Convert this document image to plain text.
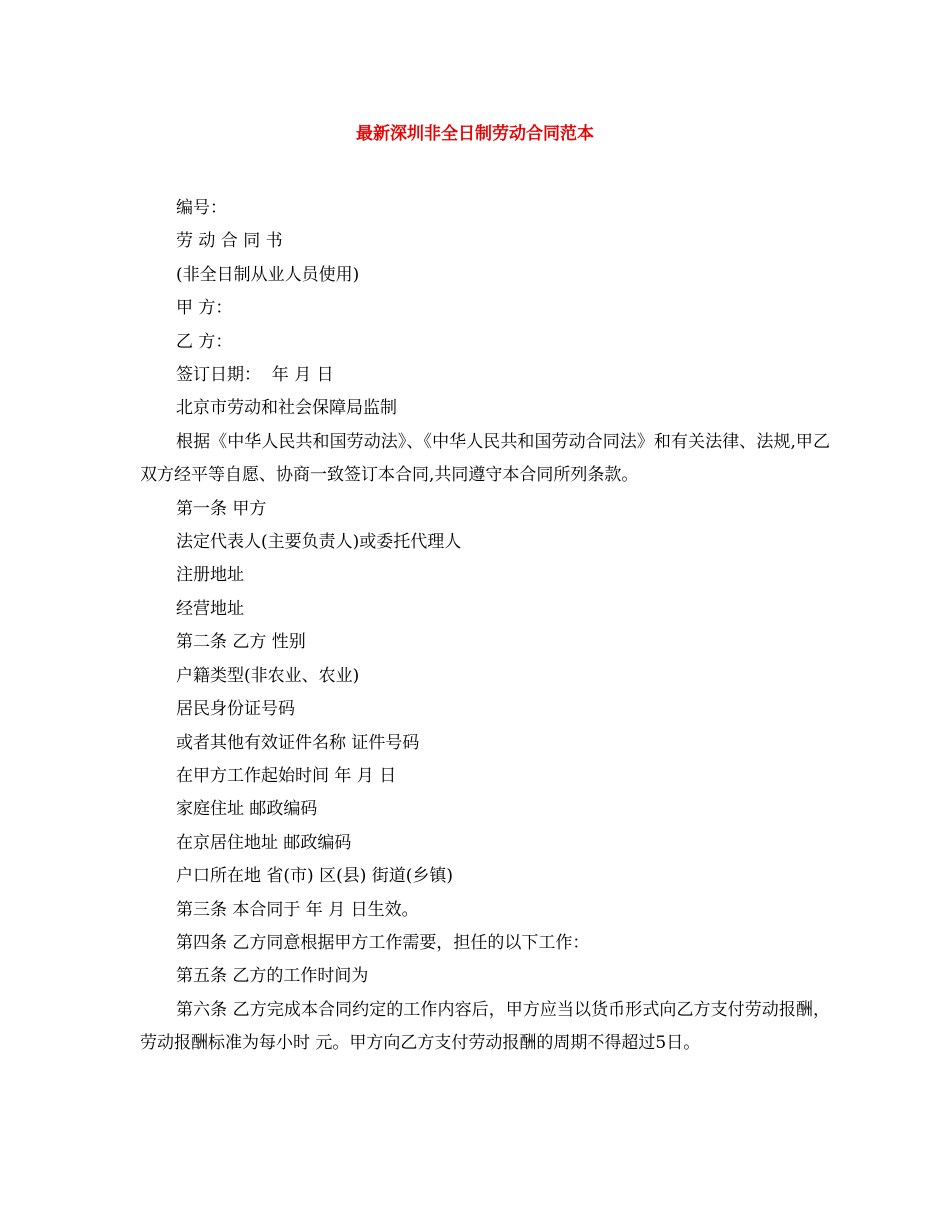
最新深圳非全日制劳动合同范本

编号：

劳 动 合 同 书

(非全日制从业人员使用)

甲 方：

乙 方：

签订日期：  年 月 日

北京市劳动和社会保障局监制

根据《中华人民共和国劳动法》、《中华人民共和国劳动合同法》和有关法律、法规,甲乙双方经平等自愿、协商一致签订本合同,共同遵守本合同所列条款。

第一条 甲方

法定代表人(主要负责人)或委托代理人

注册地址

经营地址

第二条 乙方 性别

户籍类型(非农业、农业)

居民身份证号码

或者其他有效证件名称 证件号码

在甲方工作起始时间 年 月 日

家庭住址 邮政编码

在京居住地址 邮政编码

户口所在地 省(市) 区(县) 街道(乡镇)

第三条 本合同于 年 月 日生效。

第四条 乙方同意根据甲方工作需要，担任的以下工作：

第五条 乙方的工作时间为

第六条 乙方完成本合同约定的工作内容后，甲方应当以货币形式向乙方支付劳动报酬，劳动报酬标准为每小时 元。甲方向乙方支付劳动报酬的周期不得超过5日。
